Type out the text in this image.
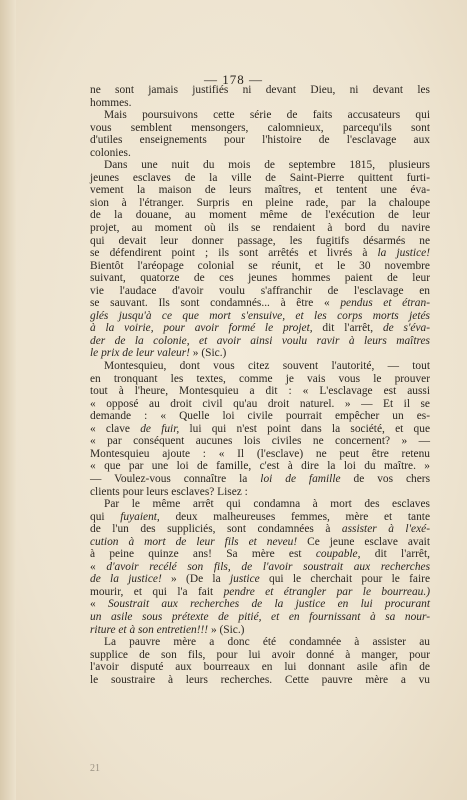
— 178 —
ne sont jamais justifiés ni devant Dieu, ni devant les
hommes.
Mais poursuivons cette série de faits accusateurs qui
vous semblent mensongers, calomnieux, parcequ'ils sont
d'utiles enseignements pour l'histoire de l'esclavage aux
colonies.
Dans une nuit du mois de septembre 1815, plusieurs
jeunes esclaves de la ville de Saint-Pierre quittent furti-
vement la maison de leurs maîtres, et tentent une éva-
sion à l'étranger. Surpris en pleine rade, par la chaloupe
de la douane, au moment même de l'exécution de leur
projet, au moment où ils se rendaient à bord du navire
qui devait leur donner passage, les fugitifs désarmés ne
se défendirent point ; ils sont arrêtés et livrés à la justice!
Bientôt l'aréopage colonial se réunit, et le 30 novembre
suivant, quatorze de ces jeunes hommes paient de leur
vie l'audace d'avoir voulu s'affranchir de l'esclavage en
se sauvant. Ils sont condamnés... à être « pendus et étran-
glés jusqu'à ce que mort s'ensuive, et les corps morts jetés
à la voirie, pour avoir formé le projet, dit l'arrêt, de s'éva-
der de la colonie, et avoir ainsi voulu ravir à leurs maîtres
le prix de leur valeur! » (Sic.)
Montesquieu, dont vous citez souvent l'autorité, — tout
en tronquant les textes, comme je vais vous le prouver
tout à l'heure, Montesquieu a dit : « L'esclavage est aussi
« opposé au droit civil qu'au droit naturel. » — Et il se
demande : « Quelle loi civile pourrait empêcher un es-
« clave de fuir, lui qui n'est point dans la société, et que
« par conséquent aucunes lois civiles ne concernent? » —
Montesquieu ajoute : « Il (l'esclave) ne peut être retenu
« que par une loi de famille, c'est à dire la loi du maître. »
— Voulez-vous connaître la loi de famille de vos chers
clients pour leurs esclaves? Lisez :
Par le même arrêt qui condamna à mort des esclaves
qui fuyaient, deux malheureuses femmes, mère et tante
de l'un des suppliciés, sont condamnées à assister à l'exé-
cution à mort de leur fils et neveu! Ce jeune esclave avait
à peine quinze ans! Sa mère est coupable, dit l'arrêt,
« d'avoir recélé son fils, de l'avoir soustrait aux recherches
de la justice! » (De la justice qui le cherchait pour le faire
mourir, et qui l'a fait pendre et étrangler par le bourreau.)
« Soustrait aux recherches de la justice en lui procurant
un asile sous prétexte de pitié, et en fournissant à sa nour-
riture et à son entretien!!! » (Sic.)
La pauvre mère a donc été condamnée à assister au
supplice de son fils, pour lui avoir donné à manger, pour
l'avoir disputé aux bourreaux en lui donnant asile afin de
le soustraire à leurs recherches. Cette pauvre mère a vu
21
